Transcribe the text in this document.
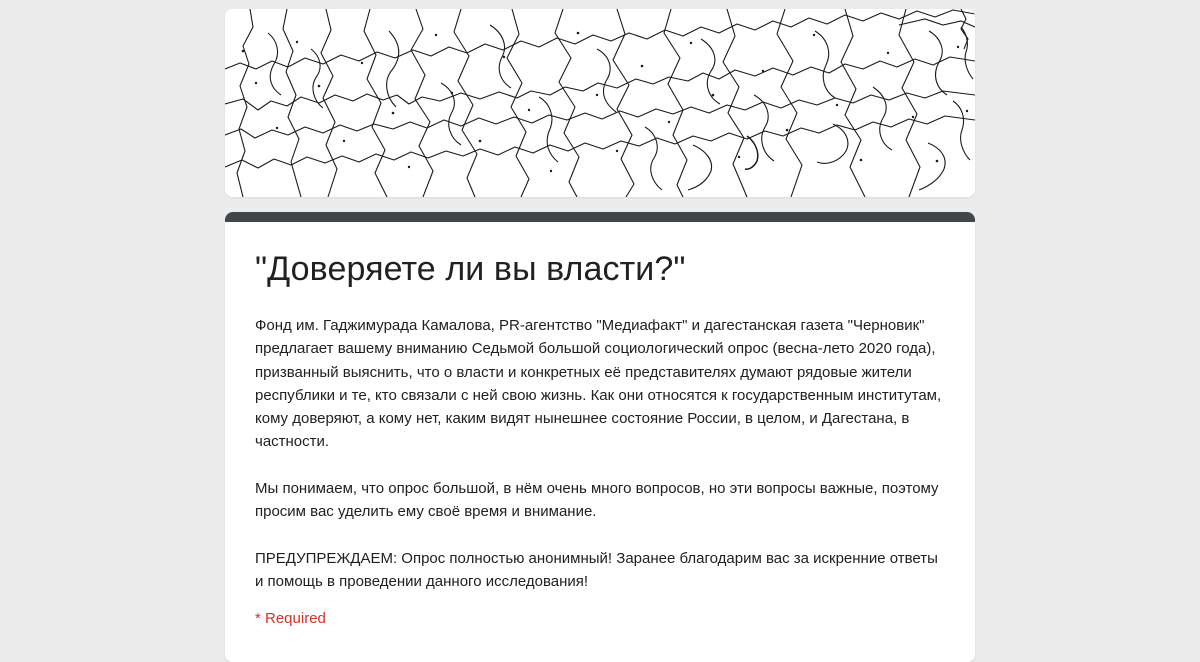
"Доверяете ли вы власти?"

Фонд им. Гаджимурада Камалова, PR-агентство "Медиафакт" и дагестанская газета "Черновик" предлагает вашему вниманию Седьмой большой социологический опрос (весна-лето 2020 года), призванный выяснить, что о власти и конкретных её представителях думают рядовые жители республики и те, кто связали с ней свою жизнь. Как они относятся к государственным институтам, кому доверяют, а кому нет, каким видят нынешнее состояние России, в целом, и Дагестана, в частности.

Мы понимаем, что опрос большой, в нём очень много вопросов, но эти вопросы важные, поэтому просим вас уделить ему своё время и внимание.

ПРЕДУПРЕЖДАЕМ: Опрос полностью анонимный! Заранее благодарим вас за искренние ответы и помощь в проведении данного исследования!

* Required
